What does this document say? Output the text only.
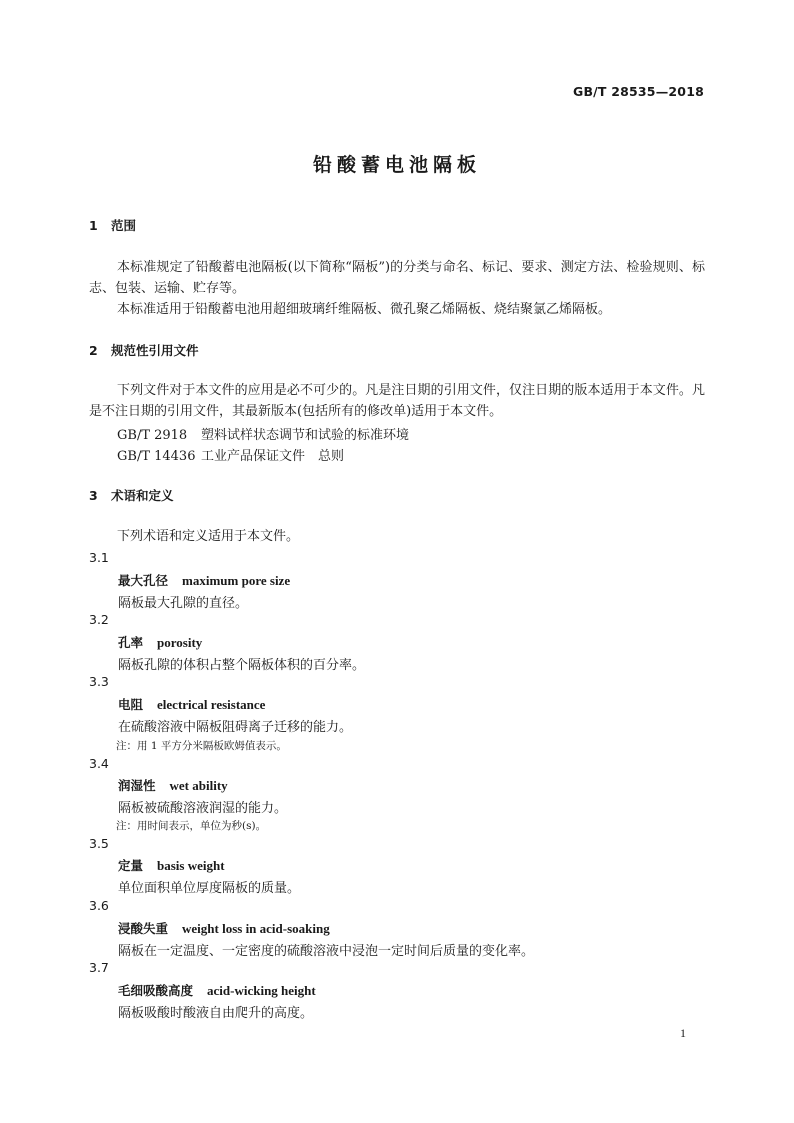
GB/T 28535—2018
铅酸蓄电池隔板
1 范围
本标准规定了铅酸蓄电池隔板(以下简称“隔板”)的分类与命名、标记、要求、测定方法、检验规则、标志、包装、运输、贮存等。
本标准适用于铅酸蓄电池用超细玻璃纤维隔板、微孔聚乙烯隔板、烧结聚氯乙烯隔板。
2 规范性引用文件
下列文件对于本文件的应用是必不可少的。凡是注日期的引用文件，仅注日期的版本适用于本文件。凡是不注日期的引用文件，其最新版本(包括所有的修改单)适用于本文件。
GB/T 2918 塑料试样状态调节和试验的标准环境
GB/T 14436 工业产品保证文件　总则
3 术语和定义
下列术语和定义适用于本文件。
3.1
最大孔径 maximum pore size
隔板最大孔隙的直径。
3.2
孔率 porosity
隔板孔隙的体积占整个隔板体积的百分率。
3.3
电阻 electrical resistance
在硫酸溶液中隔板阻碍离子迁移的能力。
注：用 1 平方分米隔板欧姆值表示。
3.4
润湿性 wet ability
隔板被硫酸溶液润湿的能力。
注：用时间表示，单位为秒(s)。
3.5
定量 basis weight
单位面积单位厚度隔板的质量。
3.6
浸酸失重 weight loss in acid-soaking
隔板在一定温度、一定密度的硫酸溶液中浸泡一定时间后质量的变化率。
3.7
毛细吸酸高度 acid-wicking height
隔板吸酸时酸液自由爬升的高度。
1
